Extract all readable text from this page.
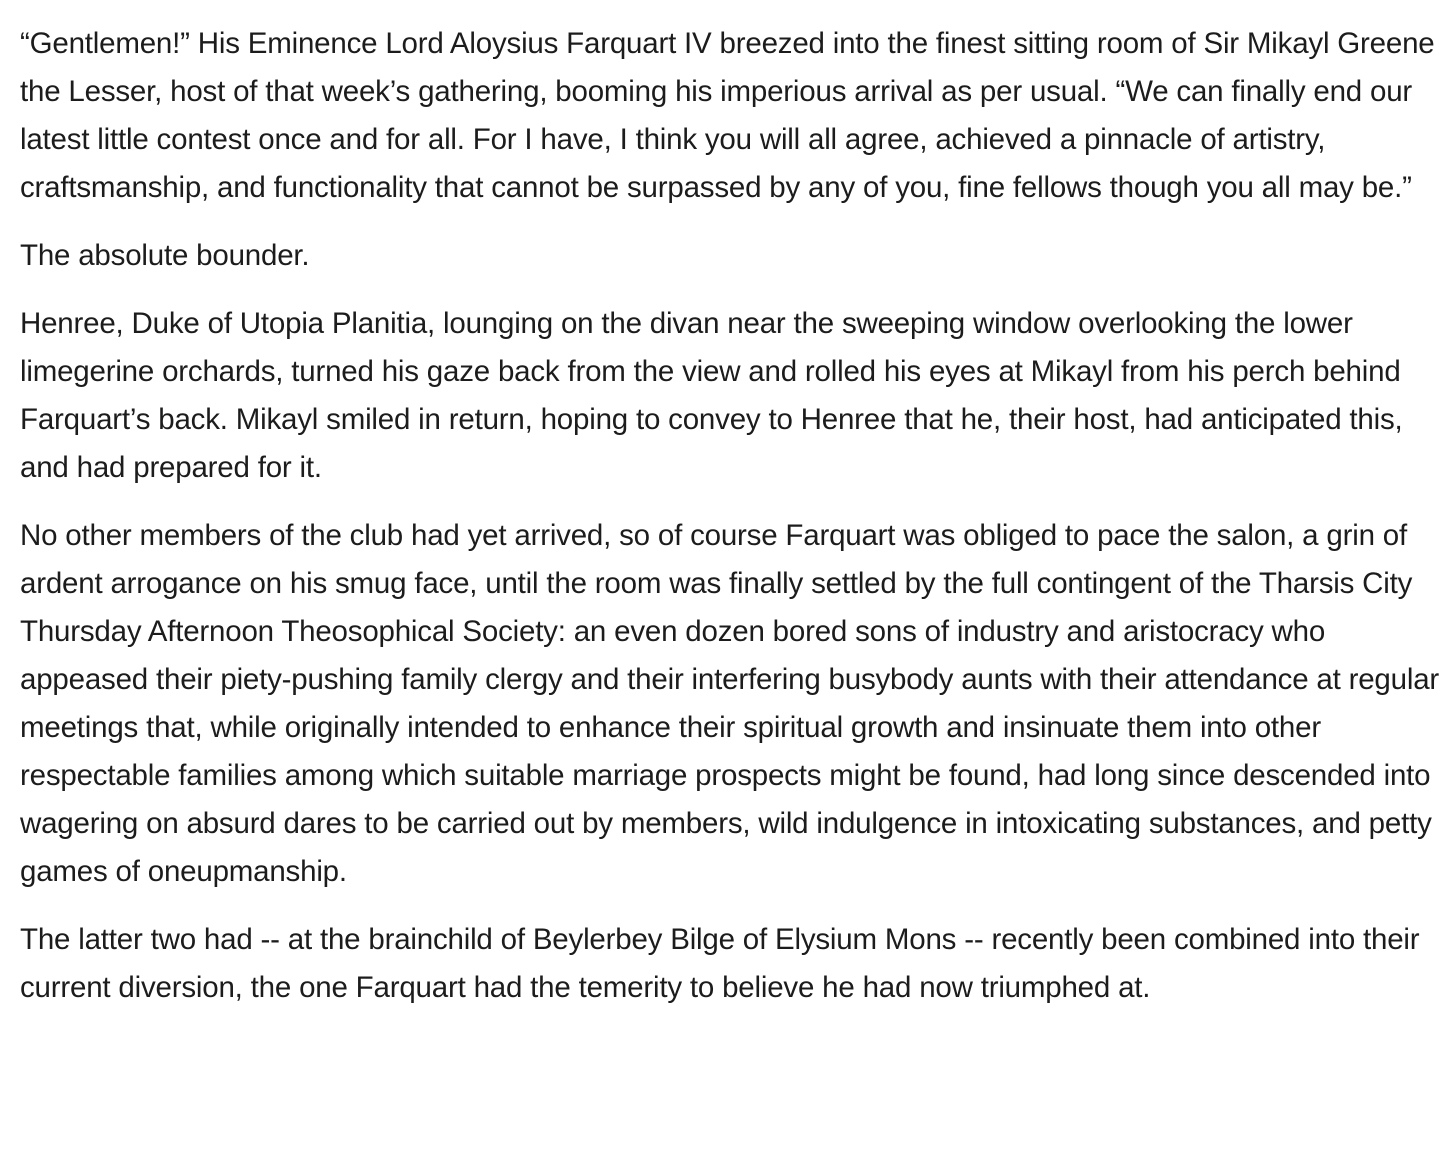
“Gentlemen!” His Eminence Lord Aloysius Farquart IV breezed into the finest sitting room of Sir Mikayl Greene the Lesser, host of that week’s gathering, booming his imperious arrival as per usual. “We can finally end our latest little contest once and for all. For I have, I think you will all agree, achieved a pinnacle of artistry, craftsmanship, and functionality that cannot be surpassed by any of you, fine fellows though you all may be.”

The absolute bounder.

Henree, Duke of Utopia Planitia, lounging on the divan near the sweeping window overlooking the lower limegerine orchards, turned his gaze back from the view and rolled his eyes at Mikayl from his perch behind Farquart’s back. Mikayl smiled in return, hoping to convey to Henree that he, their host, had anticipated this, and had prepared for it.

No other members of the club had yet arrived, so of course Farquart was obliged to pace the salon, a grin of ardent arrogance on his smug face, until the room was finally settled by the full contingent of the Tharsis City Thursday Afternoon Theosophical Society: an even dozen bored sons of industry and aristocracy who appeased their piety-pushing family clergy and their interfering busybody aunts with their attendance at regular meetings that, while originally intended to enhance their spiritual growth and insinuate them into other respectable families among which suitable marriage prospects might be found, had long since descended into wagering on absurd dares to be carried out by members, wild indulgence in intoxicating substances, and petty games of oneupmanship.

The latter two had -- at the brainchild of Beylerbey Bilge of Elysium Mons -- recently been combined into their current diversion, the one Farquart had the temerity to believe he had now triumphed at.
